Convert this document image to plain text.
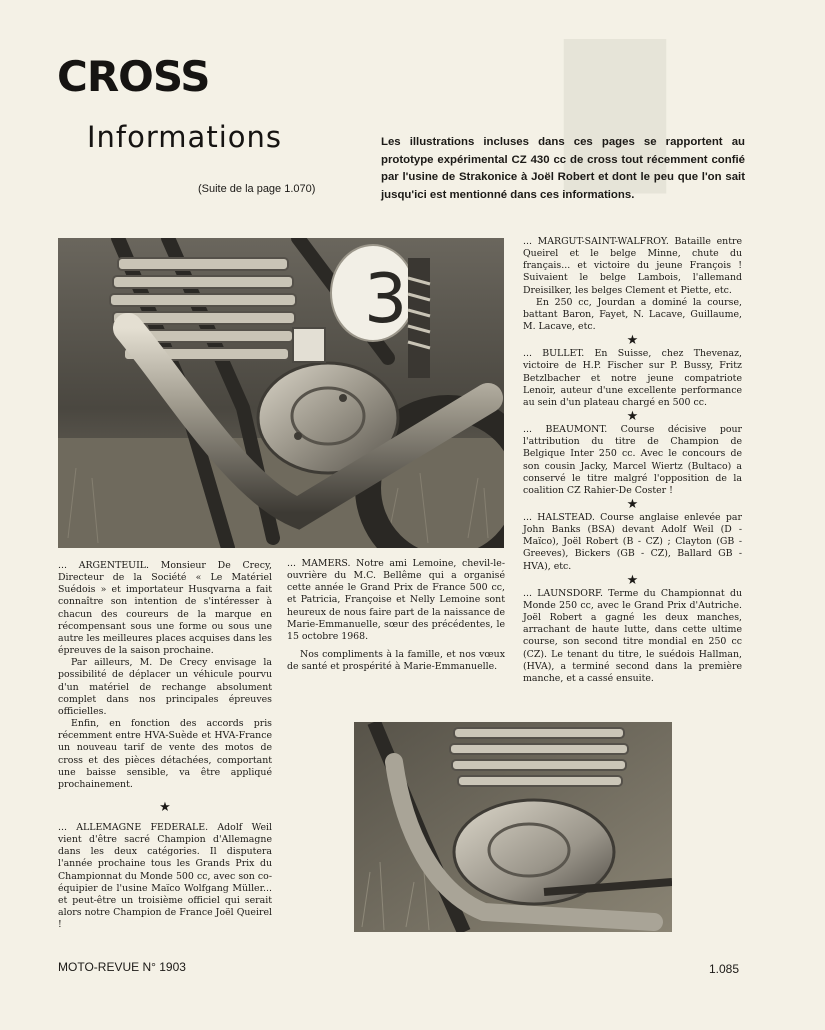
█
CROSS
Informations
(Suite de la page 1.070)

Les illustrations incluses dans ces pages se rapportent au prototype expérimental CZ 430 cc de cross tout récemment confié par l'usine de Strakonice à Joël Robert et dont le peu que l'on sait jusqu'ici est mentionné dans ces informations.

3

... MARGUT-SAINT-WALFROY. Bataille entre Queirel et le belge Minne, chute du français... et victoire du jeune François ! Suivaient le belge Lambois, l'allemand Dreisilker, les belges Clement et Piette, etc.

En 250 cc, Jourdan a dominé la course, battant Baron, Fayet, N. Lacave, Guillaume, M. Lacave, etc.

★

... BULLET. En Suisse, chez Thevenaz, victoire de H.P. Fischer sur P. Bussy, Fritz Betzlbacher et notre jeune compatriote Lenoir, auteur d'une excellente performance au sein d'un plateau chargé en 500 cc.

★

... BEAUMONT. Course décisive pour l'attribution du titre de Champion de Belgique Inter 250 cc. Avec le concours de son cousin Jacky, Marcel Wiertz (Bultaco) a conservé le titre malgré l'opposition de la coalition CZ Rahier-De Coster !

★

... HALSTEAD. Course anglaise enlevée par John Banks (BSA) devant Adolf Weil (D - Maïco), Joël Robert (B - CZ) ; Clayton (GB - Greeves), Bickers (GB - CZ), Ballard GB - HVA), etc.

★

... LAUNSDORF. Terme du Championnat du Monde 250 cc, avec le Grand Prix d'Autriche. Joël Robert a gagné les deux manches, arrachant de haute lutte, dans cette ultime course, son second titre mondial en 250 cc (CZ). Le tenant du titre, le suédois Hallman, (HVA), a terminé second dans la première manche, et a cassé ensuite.

... ARGENTEUIL. Monsieur De Crecy, Directeur de la Société « Le Matériel Suédois » et importateur Husqvarna a fait connaître son intention de s'intéresser à chacun des coureurs de la marque en récompensant sous une forme ou sous une autre les meilleures places acquises dans les épreuves de la saison prochaine.

Par ailleurs, M. De Crecy envisage la possibilité de déplacer un véhicule pourvu d'un matériel de rechange absolument complet dans nos principales épreuves officielles.

Enfin, en fonction des accords pris récemment entre HVA-Suède et HVA-France un nouveau tarif de vente des motos de cross et des pièces détachées, comportant une baisse sensible, va être appliqué prochainement.

★

... ALLEMAGNE FEDERALE. Adolf Weil vient d'être sacré Champion d'Allemagne dans les deux catégories. Il disputera l'année prochaine tous les Grands Prix du Championnat du Monde 500 cc, avec son co-équipier de l'usine Maïco Wolfgang Müller... et peut-être un troisième officiel qui serait alors notre Champion de France Joël Queirel !

... MAMERS. Notre ami Lemoine, chevil-le-ouvrière du M.C. Bellême qui a organisé cette année le Grand Prix de France 500 cc, et Patricia, Françoise et Nelly Lemoine sont heureux de nous faire part de la naissance de Marie-Emmanuelle, sœur des précédentes, le 15 octobre 1968.

Nos compliments à la famille, et nos vœux de santé et prospérité à Marie-Emmanuelle.

MOTO-REVUE N° 1903	1.085
